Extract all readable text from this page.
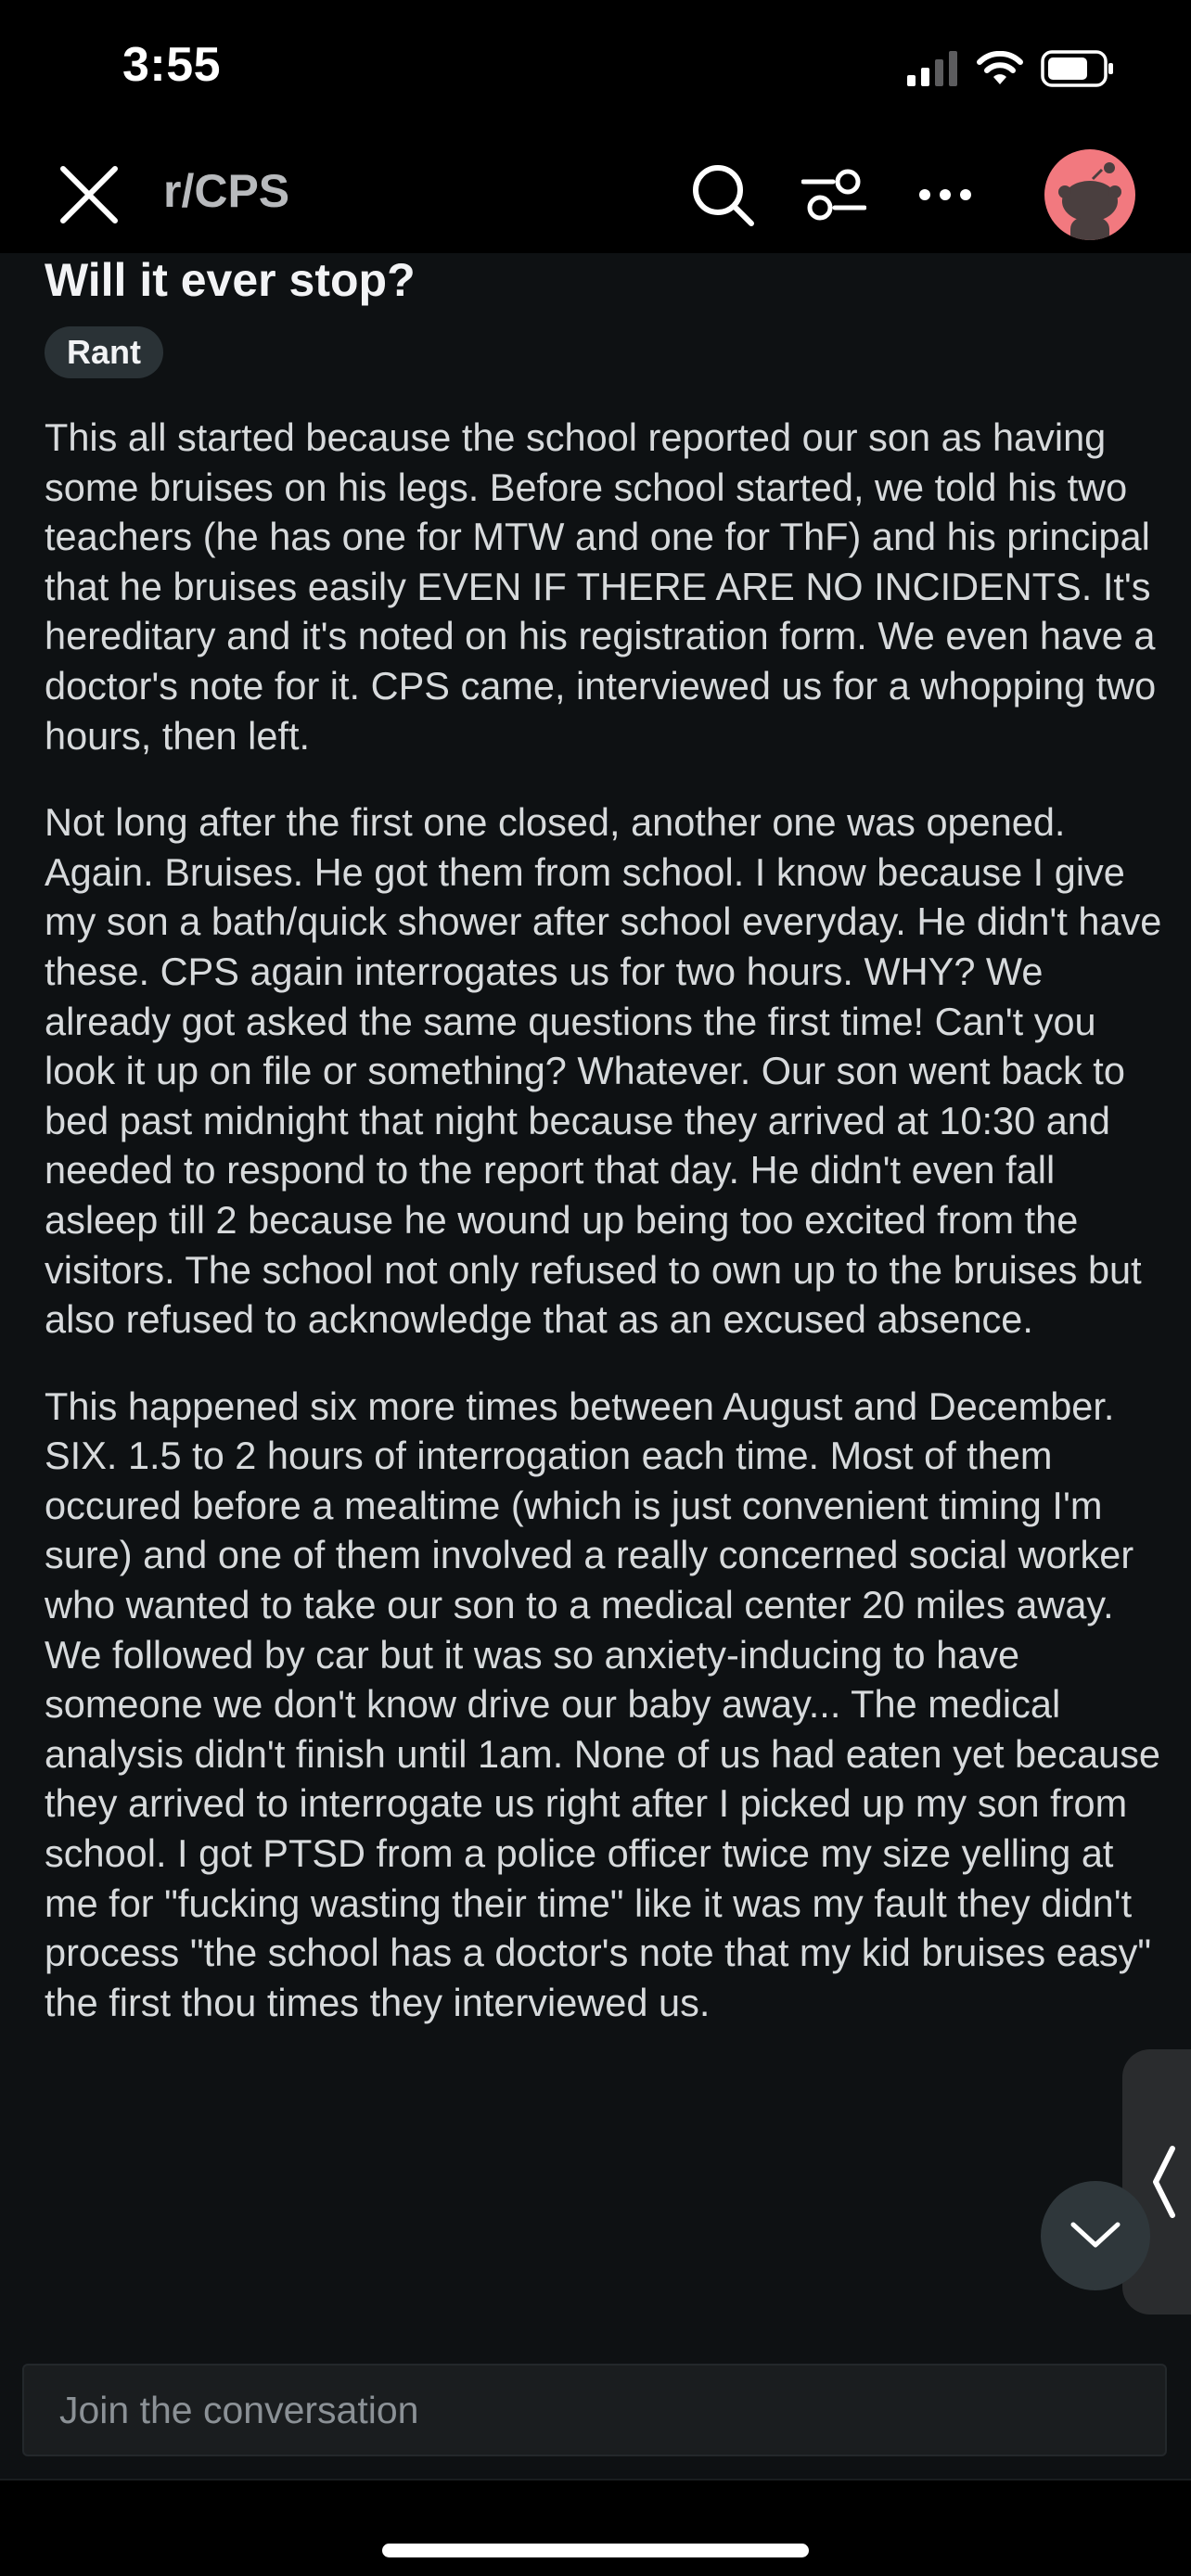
3:55
r/CPS
Will it ever stop?
Rant

This all started because the school reported our son as having some bruises on his legs. Before school started, we told his two teachers (he has one for MTW and one for ThF) and his principal that he bruises easily EVEN IF THERE ARE NO INCIDENTS. It's hereditary and it's noted on his registration form. We even have a doctor's note for it. CPS came, interviewed us for a whopping two hours, then left.

Not long after the first one closed, another one was opened. Again. Bruises. He got them from school. I know because I give my son a bath/quick shower after school everyday. He didn't have these. CPS again interrogates us for two hours. WHY? We already got asked the same questions the first time! Can't you look it up on file or something? Whatever. Our son went back to bed past midnight that night because they arrived at 10:30 and needed to respond to the report that day. He didn't even fall asleep till 2 because he wound up being too excited from the visitors. The school not only refused to own up to the bruises but also refused to acknowledge that as an excused absence.

This happened six more times between August and December. SIX. 1.5 to 2 hours of interrogation each time. Most of them occured before a mealtime (which is just convenient timing I'm sure) and one of them involved a really concerned social worker who wanted to take our son to a medical center 20 miles away. We followed by car but it was so anxiety-inducing to have someone we don't know drive our baby away... The medical analysis didn't finish until 1am. None of us had eaten yet because they arrived to interrogate us right after I picked up my son from school. I got PTSD from a police officer twice my size yelling at me for "fucking wasting their time" like it was my fault they didn't process "the school has a doctor's note that my kid bruises easy" the first thou times they interviewed us.

Join the conversation
